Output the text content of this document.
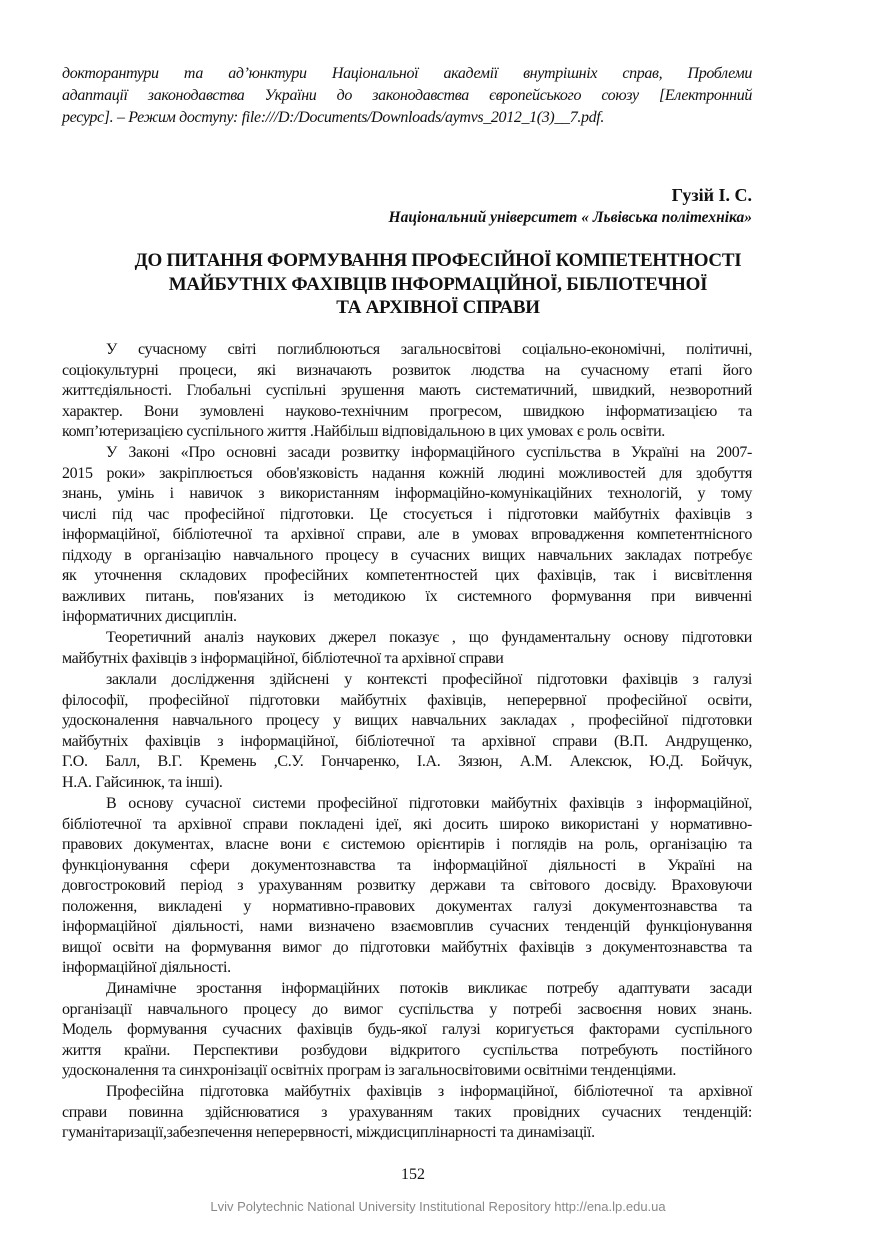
докторантури та ад’юнктури Національної академії внутрішніх справ, Проблеми
адаптації законодавства України до законодавства європейського союзу [Електронний
ресурс]. – Режим доступу: file:///D:/Documents/Downloads/aymvs_2012_1(3)__7.pdf.
Гузій І. С.
Національний університет « Львівська політехніка»
ДО ПИТАННЯ ФОРМУВАННЯ ПРОФЕСІЙНОЇ КОМПЕТЕНТНОСТІ
МАЙБУТНІХ ФАХІВЦІВ ІНФОРМАЦІЙНОЇ, БІБЛІОТЕЧНОЇ
ТА АРХІВНОЇ СПРАВИ
У сучасному світі поглиблюються загальносвітові соціально-економічні, політичні,
соціокультурні процеси, які визначають розвиток людства на сучасному етапі його
життєдіяльності. Глобальні суспільні зрушення мають систематичний, швидкий, незворотний
характер. Вони зумовлені науково-технічним прогресом, швидкою інформатизацією та
комп’ютеризацією суспільного життя .Найбільш відповідальною в цих умовах є роль освіти.
У Законі «Про основні засади розвитку інформаційного суспільства в Україні на 2007-
2015 роки» закріплюється обов'язковість надання кожній людині можливостей для здобуття
знань, умінь і навичок з використанням інформаційно-комунікаційних технологій, у тому
числі під час професійної підготовки. Це стосується і підготовки майбутніх фахівців з
інформаційної, бібліотечної та архівної справи, але в умовах впровадження компетентнісного
підходу в організацію навчального процесу в сучасних вищих навчальних закладах потребує
як уточнення складових професійних компетентностей цих фахівців, так і висвітлення
важливих питань, пов'язаних із методикою їх системного формування при вивченні
інформатичних дисциплін.
Теоретичний аналіз наукових джерел показує , що фундаментальну основу підготовки
майбутніх фахівців з інформаційної, бібліотечної та архівної справи
заклали дослідження здійснені у контексті професійної підготовки фахівців з галузі
філософії, професійної підготовки майбутніх фахівців, неперервної професійної освіти,
удосконалення навчального процесу у вищих навчальних закладах , професійної підготовки
майбутніх фахівців з інформаційної, бібліотечної та архівної справи (В.П. Андрущенко,
Г.О. Балл, В.Г. Кремень ,С.У. Гончаренко, І.А. Зязюн, А.М. Алексюк, Ю.Д. Бойчук,
Н.А. Гайсинюк, та інші).
В основу сучасної системи професійної підготовки майбутніх фахівців з інформаційної,
бібліотечної та архівної справи покладені ідеї, які досить широко використані у нормативно-
правових документах, власне вони є системою орієнтирів і поглядів на роль, організацію та
функціонування сфери документознавства та інформаційної діяльності в Україні на
довгостроковий період з урахуванням розвитку держави та світового досвіду. Враховуючи
положення, викладені у нормативно-правових документах галузі документознавства та
інформаційної діяльності, нами визначено взаємовплив сучасних тенденцій функціонування
вищої освіти на формування вимог до підготовки майбутніх фахівців з документознавства та
інформаційної діяльності.
Динамічне зростання інформаційних потоків викликає потребу адаптувати засади
організації навчального процесу до вимог суспільства у потребі засвоєння нових знань.
Модель формування сучасних фахівців будь-якої галузі коригується факторами суспільного
життя країни. Перспективи розбудови відкритого суспільства потребують постійного
удосконалення та синхронізації освітніх програм із загальносвітовими освітніми тенденціями.
Професійна підготовка майбутніх фахівців з інформаційної, бібліотечної та архівної
справи повинна здійснюватися з урахуванням таких провідних сучасних тенденцій:
гуманітаризації,забезпечення неперервності, міждисциплінарності та динамізації.
152
Lviv Polytechnic National University Institutional Repository http://ena.lp.edu.ua
